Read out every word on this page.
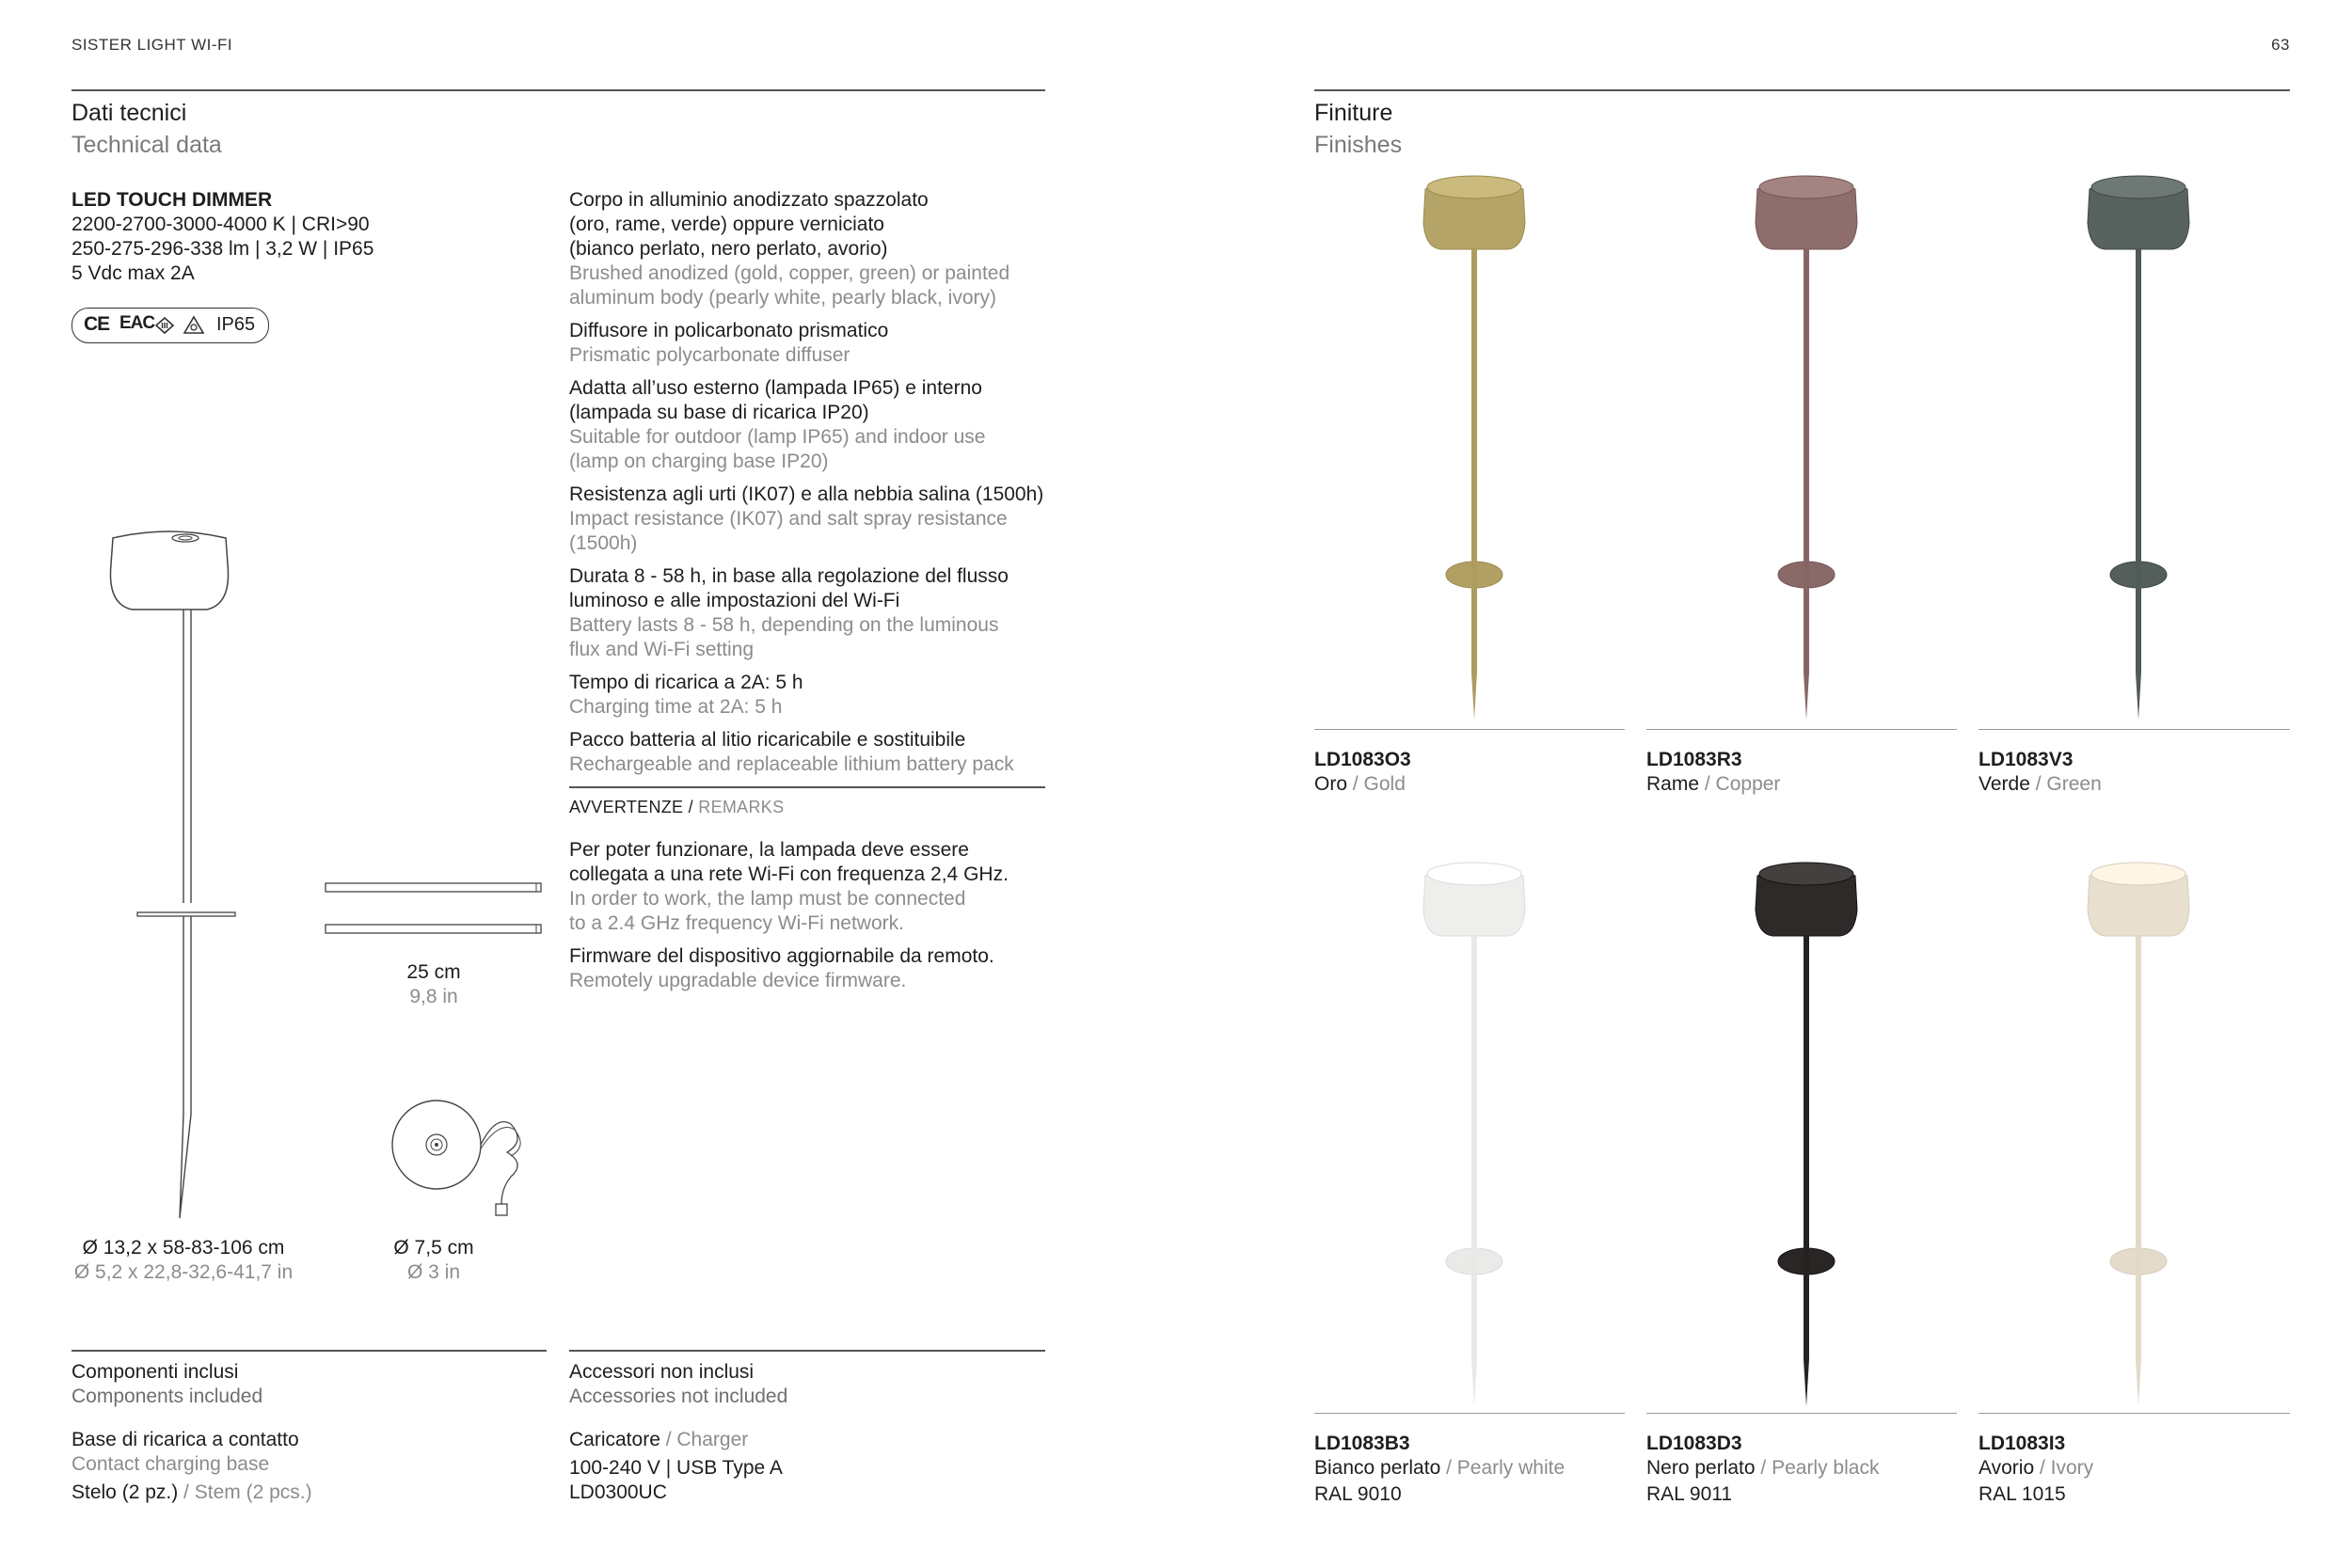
SISTER LIGHT WI-FI
Dati tecnici
Technical data
LED TOUCH DIMMER
2200-2700-3000-4000 K | CRI>90
250-275-296-338 lm | 3,2 W | IP65
5 Vdc max 2A
CE EAC	IP65
25 cm
9,8 in
Ø 13,2 x 58-83-106 cm
Ø 5,2 x 22,8-32,6-41,7 in
Ø 7,5 cm
Ø 3 in
Corpo in alluminio anodizzato spazzolato
(oro, rame, verde) oppure verniciato
(bianco perlato, nero perlato, avorio)
Brushed anodized (gold, copper, green) or painted
aluminum body (pearly white, pearly black, ivory)
Diffusore in policarbonato prismatico
Prismatic polycarbonate diffuser
Adatta all’uso esterno (lampada IP65) e interno
(lampada su base di ricarica IP20)
Suitable for outdoor (lamp IP65) and indoor use
(lamp on charging base IP20)
Resistenza agli urti (IK07) e alla nebbia salina (1500h)
Impact resistance (IK07) and salt spray resistance
(1500h)
Durata 8 - 58 h, in base alla regolazione del flusso
luminoso e alle impostazioni del Wi-Fi
Battery lasts 8 - 58 h, depending on the luminous
flux and Wi-Fi setting
Tempo di ricarica a 2A: 5 h
Charging time at 2A: 5 h
Pacco batteria al litio ricaricabile e sostituibile
Rechargeable and replaceable lithium battery pack
AVVERTENZE / REMARKS
Per poter funzionare, la lampada deve essere
collegata a una rete Wi-Fi con frequenza 2,4 GHz.
In order to work, the lamp must be connected
to a 2.4 GHz frequency Wi-Fi network.
Firmware del dispositivo aggiornabile da remoto.
Remotely upgradable device firmware.
Componenti inclusi
Components included
Base di ricarica a contatto
Contact charging base
Stelo (2 pz.) / Stem (2 pcs.)
Accessori non inclusi
Accessories not included
Caricatore / Charger
100-240 V | USB Type A
LD0300UC
63
Finiture
Finishes
LD1083O3
Oro / Gold
LD1083R3
Rame / Copper
LD1083V3
Verde / Green
LD1083B3
Bianco perlato / Pearly white
RAL 9010
LD1083D3
Nero perlato / Pearly black
RAL 9011
LD1083I3
Avorio / Ivory
RAL 1015
